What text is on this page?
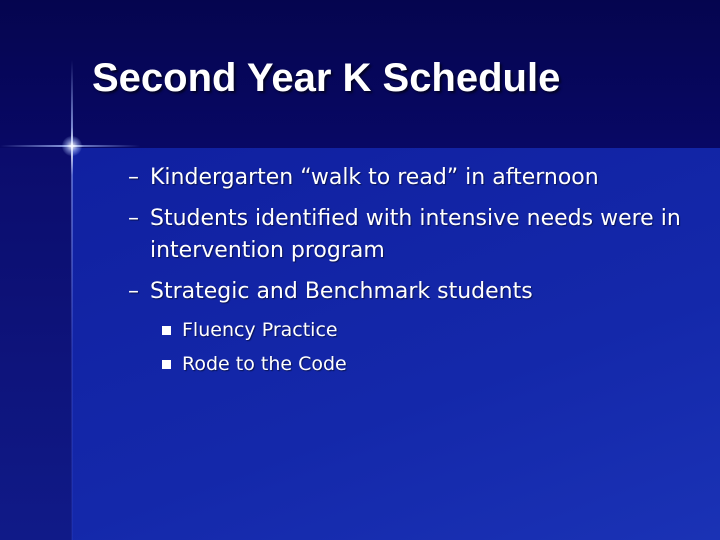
Second Year K Schedule
– Kindergarten “walk to read” in afternoon
– Students identified with intensive needs were in intervention program
– Strategic and Benchmark students
Fluency Practice
Rode to the Code
